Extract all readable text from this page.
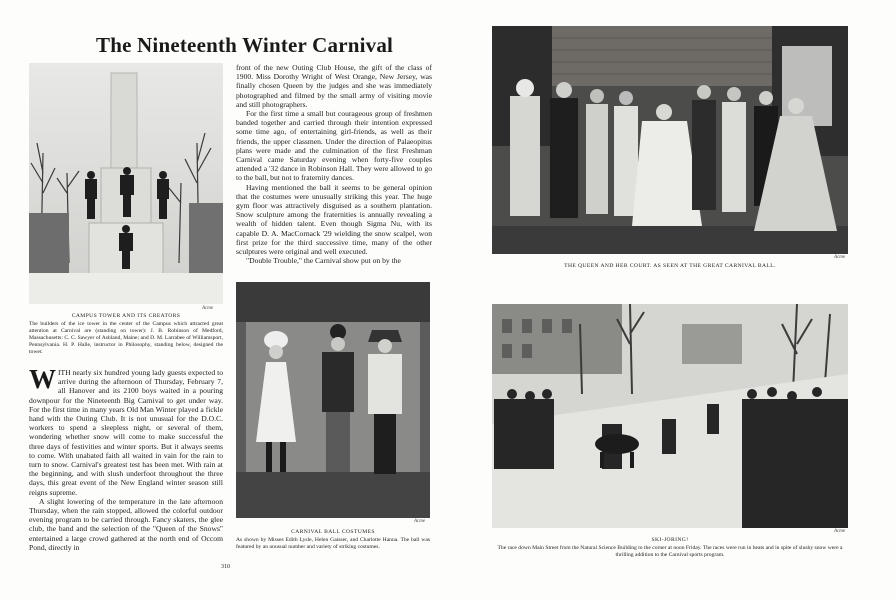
The Nineteenth Winter Carnival
Acme
CAMPUS TOWER AND ITS CREATORS
The builders of the ice tower in the center of the Campus which attracted great attention at Carnival are (standing on tower): J. B. Robinson of Medford, Massachusetts: C. C. Sawyer of Ashland, Maine; and D. M. Larrabee of Williamsport, Pennsylvania. H. P. Halle, instructor in Philosophy, standing below, designed the tower.

WITH nearly six hundred young lady guests expected to arrive during the afternoon of Thursday, February 7, all Hanover and its 2100 boys waited in a pouring downpour for the Nineteenth Big Carnival to get under way. For the first time in many years Old Man Winter played a fickle hand with the Outing Club. It is not unusual for the D.O.C. workers to spend a sleepless night, or several of them, wondering whether snow will come to make successful the three days of festivities and winter sports. But it always seems to come. With unabated faith all waited in vain for the rain to turn to snow. Carnival's greatest test has been met. With rain at the beginning, and with slush underfoot throughout the three days, this great event of the New England winter season still reigns supreme.

A slight lowering of the temperature in the late afternoon Thursday, when the rain stopped, allowed the colorful outdoor evening program to be carried through. Fancy skaters, the glee club, the band and the selection of the "Queen of the Snows" entertained a large crowd gathered at the north end of Occom Pond, directly in

front of the new Outing Club House, the gift of the class of 1900. Miss Dorothy Wright of West Orange, New Jersey, was finally chosen Queen by the judges and she was immediately photographed and filmed by the small army of visiting movie and still photographers.

For the first time a small but courageous group of freshmen banded together and carried through their intention expressed some time ago, of entertaining girl-friends, as well as their friends, the upper classmen. Under the direction of Palaeopitus plans were made and the culmination of the first Freshman Carnival came Saturday evening when forty-five couples attended a '32 dance in Robinson Hall. They were allowed to go to the ball, but not to fraternity dances.

Having mentioned the ball it seems to be general opinion that the costumes were unusually striking this year. The huge gym floor was attractively disguised as a southern plantation. Snow sculpture among the fraternities is annually revealing a wealth of hidden talent. Even though Sigma Nu, with its capable D. A. MacCornack '29 wielding the snow scalpel, won first prize for the third successive time, many of the other sculptures were original and well executed.

"Double Trouble," the Carnival show put on by the

Acme
CARNIVAL BALL COSTUMES
As shown by Misses Edith Lysle, Helen Gaisser, and Charlotte Hanna. The ball was featured by an unusual number and variety of striking costumes.
310
Acme
THE QUEEN AND HER COURT. AS SEEN AT THE GREAT CARNIVAL BALL.
Acme
SKI-JORING!
The race down Main Street from the Natural Science Building to the corner at noon Friday. The races were run in heats and in spite of slushy snow were a thrilling addition to the Carnival sports program.
